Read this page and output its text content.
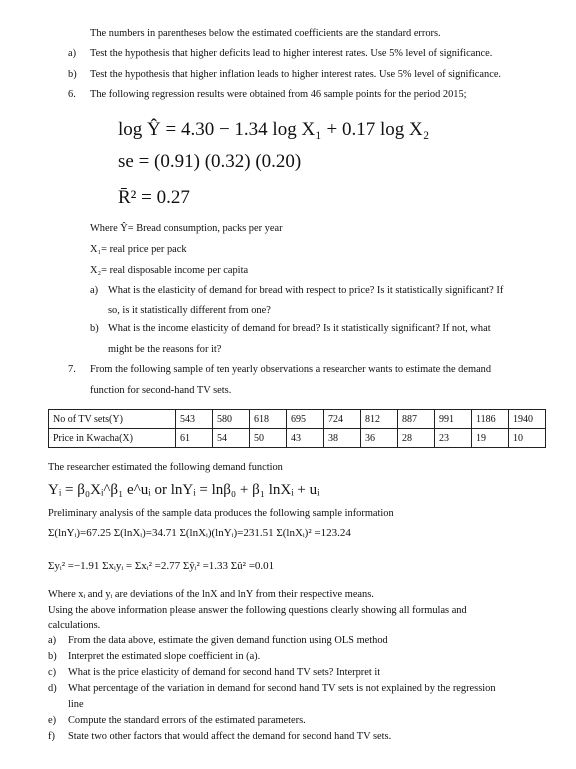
The numbers in parentheses below the estimated coefficients are the standard errors.
a) Test the hypothesis that higher deficits lead to higher interest rates. Use 5% level of significance.
b) Test the hypothesis that higher inflation leads to higher interest rates. Use 5% level of significance.
6. The following regression results were obtained from 46 sample points for the period 2015;
log Ŷ = 4.30 − 1.34 log X₁ + 0.17 log X₂
se = (0.91) (0.32) (0.20)
R̄² = 0.27
Where Ŷ= Bread consumption, packs per year
X₁= real price per pack
X₂= real disposable income per capita
a) What is the elasticity of demand for bread with respect to price? Is it statistically significant? If
so, is it statistically different from one?
b) What is the income elasticity of demand for bread? Is it statistically significant? If not, what
might be the reasons for it?
7. From the following sample of ten yearly observations a researcher wants to estimate the demand
function for second-hand TV sets.
No of TV sets(Y)	543	580	618	695	724	812	887	991	1186	1940
Price in Kwacha(X)	61	54	50	43	38	36	28	23	19	10
The researcher estimated the following demand function
Yᵢ = β₀Xᵢ^β₁ e^uᵢ or lnYᵢ = lnβ₀ + β₁ lnXᵢ + uᵢ
Preliminary analysis of the sample data produces the following sample information
Σ(lnYᵢ)=67.25 Σ(lnXᵢ)=34.71 Σ(lnXᵢ)(lnYᵢ)=231.51 Σ(lnXᵢ)² =123.24
Σyᵢ² =−1.91 Σxᵢyᵢ = Σxᵢ² =2.77 Σŷᵢ² =1.33 Σû² =0.01
Where xᵢ and yᵢ are deviations of the lnX and lnY from their respective means.
Using the above information please answer the following questions clearly showing all formulas and
calculations.
a) From the data above, estimate the given demand function using OLS method
b) Interpret the estimated slope coefficient in (a).
c) What is the price elasticity of demand for second hand TV sets? Interpret it
d) What percentage of the variation in demand for second hand TV sets is not explained by the regression
line
e) Compute the standard errors of the estimated parameters.
f) State two other factors that would affect the demand for second hand TV sets.
